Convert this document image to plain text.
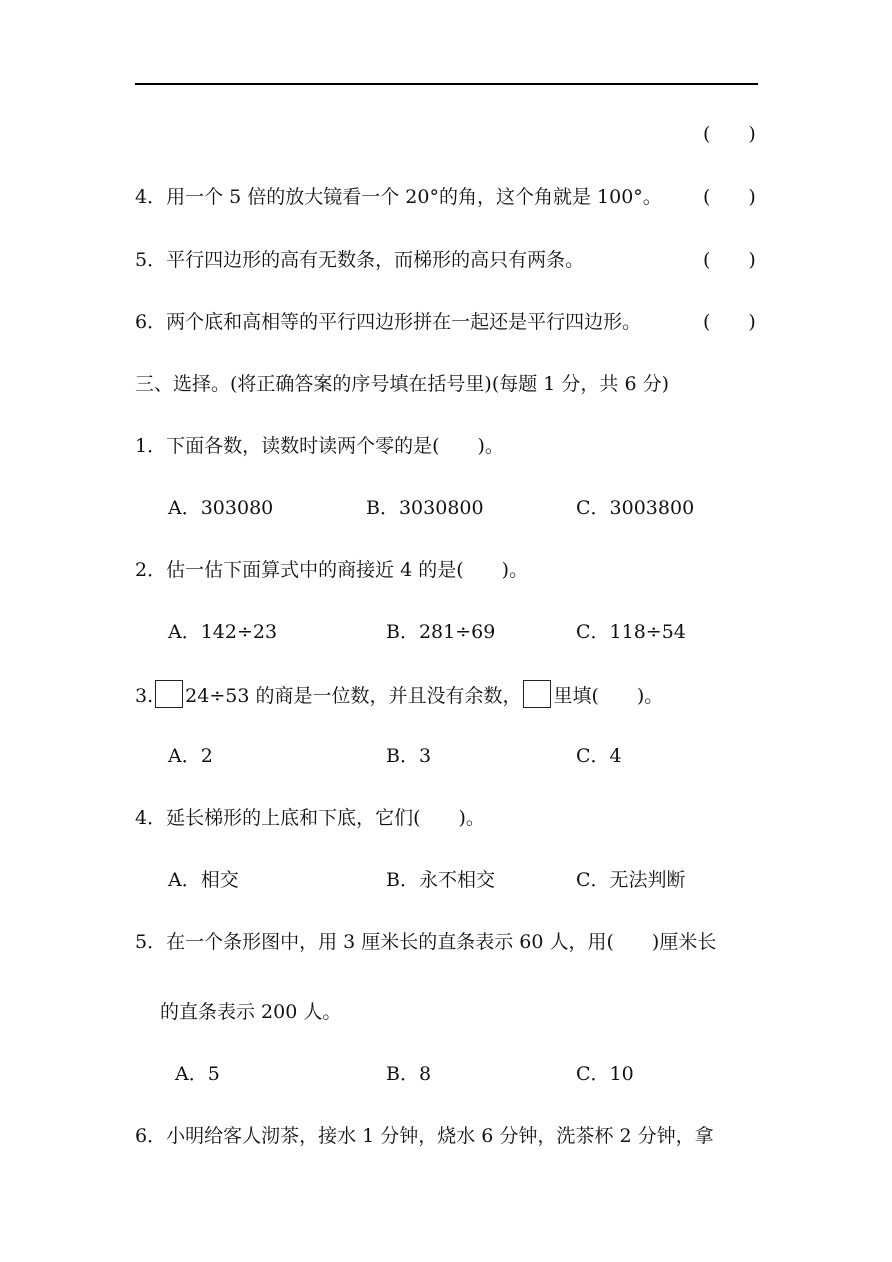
(　　)
4．用一个 5 倍的放大镜看一个 20°的角，这个角就是 100°。 (　　)
5．平行四边形的高有无数条，而梯形的高只有两条。	(　　)
6．两个底和高相等的平行四边形拼在一起还是平行四边形。	(　　)
三、选择。(将正确答案的序号填在括号里)(每题 1 分，共 6 分)
1．下面各数，读数时读两个零的是(　　)。
A．303080	B．3030800	C．3003800
2．估一估下面算式中的商接近 4 的是(　　)。
A．142÷23	B．281÷69	C．118÷54
3. 24÷53 的商是一位数，并且没有余数， 里填(　　)。
A．2	B．3	C．4
4．延长梯形的上底和下底，它们(　　)。
A．相交	B．永不相交	C．无法判断
5．在一个条形图中，用 3 厘米长的直条表示 60 人，用(　　)厘米长
的直条表示 200 人。
A．5	B．8	C．10
6．小明给客人沏茶，接水 1 分钟，烧水 6 分钟，洗茶杯 2 分钟，拿
